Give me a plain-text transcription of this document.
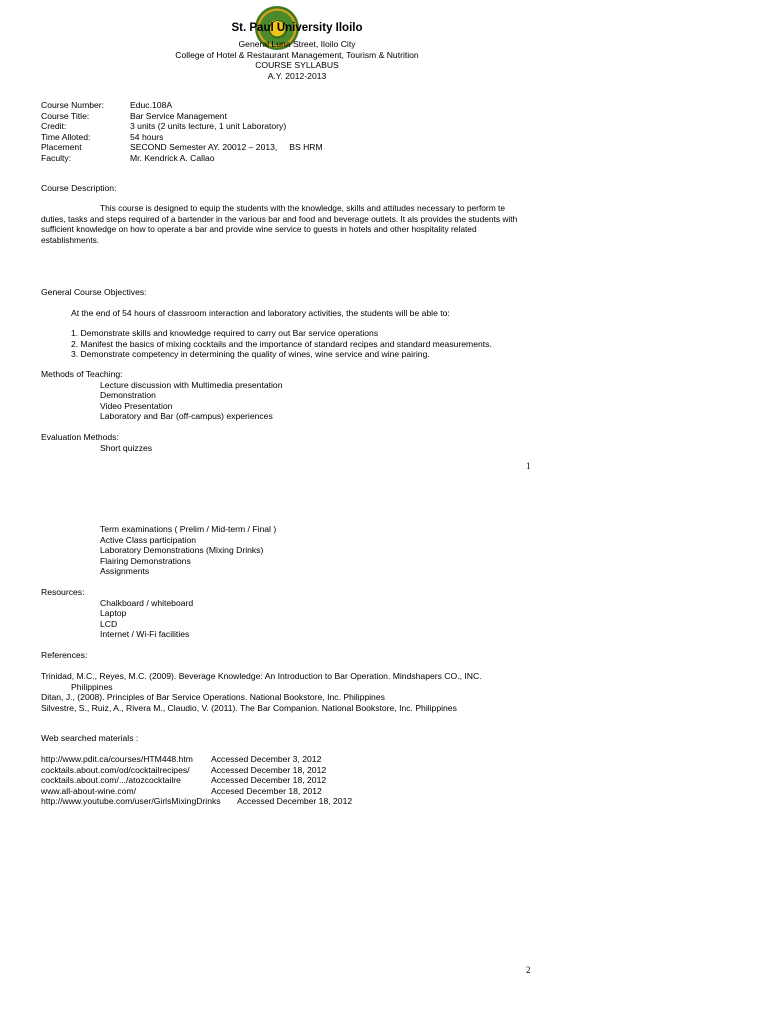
St. Paul University Iloilo
General Luna Street, Iloilo City
College of Hotel & Restaurant Management, Tourism & Nutrition
COURSE SYLLABUS
A.Y. 2012-2013
Course Number:	Educ.108A
Course Title:	Bar Service Management
Credit:	3 units (2 units lecture, 1 unit Laboratory)
Time Alloted:	54 hours
Placement	SECOND Semester AY. 20012 – 2013,     BS HRM
Faculty:	Mr. Kendrick A. Callao
Course Description:
This course is designed to equip the students with the knowledge, skills and attitudes necessary to perform te duties, tasks and steps required of a bartender in the various bar and food and beverage outlets. It als provides the students with sufficient knowledge on how to operate a bar and provide wine service to guests in hotels and other hospitality related establishments.
General Course Objectives:
At the end of 54 hours of classroom interaction and laboratory activities, the students will be able to:
1. Demonstrate skills and knowledge required to carry out Bar service operations
2. Manifest the basics of mixing cocktails and the importance of standard recipes and standard measurements.
3. Demonstrate competency in determining the quality of wines, wine service and wine pairing.
Methods of Teaching:
Lecture discussion with Multimedia presentation
Demonstration
Video Presentation
Laboratory and Bar (off-campus) experiences
Evaluation Methods:
Short quizzes
1
Term examinations ( Prelim / Mid-term / Final )
Active Class participation
Laboratory Demonstrations (Mixing Drinks)
Flairing Demonstrations
Assignments
Resources:
Chalkboard / whiteboard
Laptop
LCD
Internet / Wi-Fi facilities
References:
Trinidad, M.C., Reyes, M.C. (2009). Beverage Knowledge: An Introduction to Bar Operation. Mindshapers CO., INC.
Philippines
Ditan, J., (2008). Principles of Bar Service Operations. National Bookstore, Inc. Philippines
Silvestre, S., Ruiz, A., Rivera M., Claudio, V. (2011). The Bar Companion. National Bookstore, Inc. Philippines
Web searched materials :
http://www.pdit.ca/courses/HTM448.htm Accessed December 3, 2012
cocktails.about.com/od/cocktailrecipes/ Accessed December 18, 2012
cocktails.about.com/.../atozcocktailre	Accessed December 18, 2012
www.all-about-wine.com/	Accesed December 18, 2012
http://www.youtube.com/user/GirlsMixingDrinks Accessed December 18, 2012
2
